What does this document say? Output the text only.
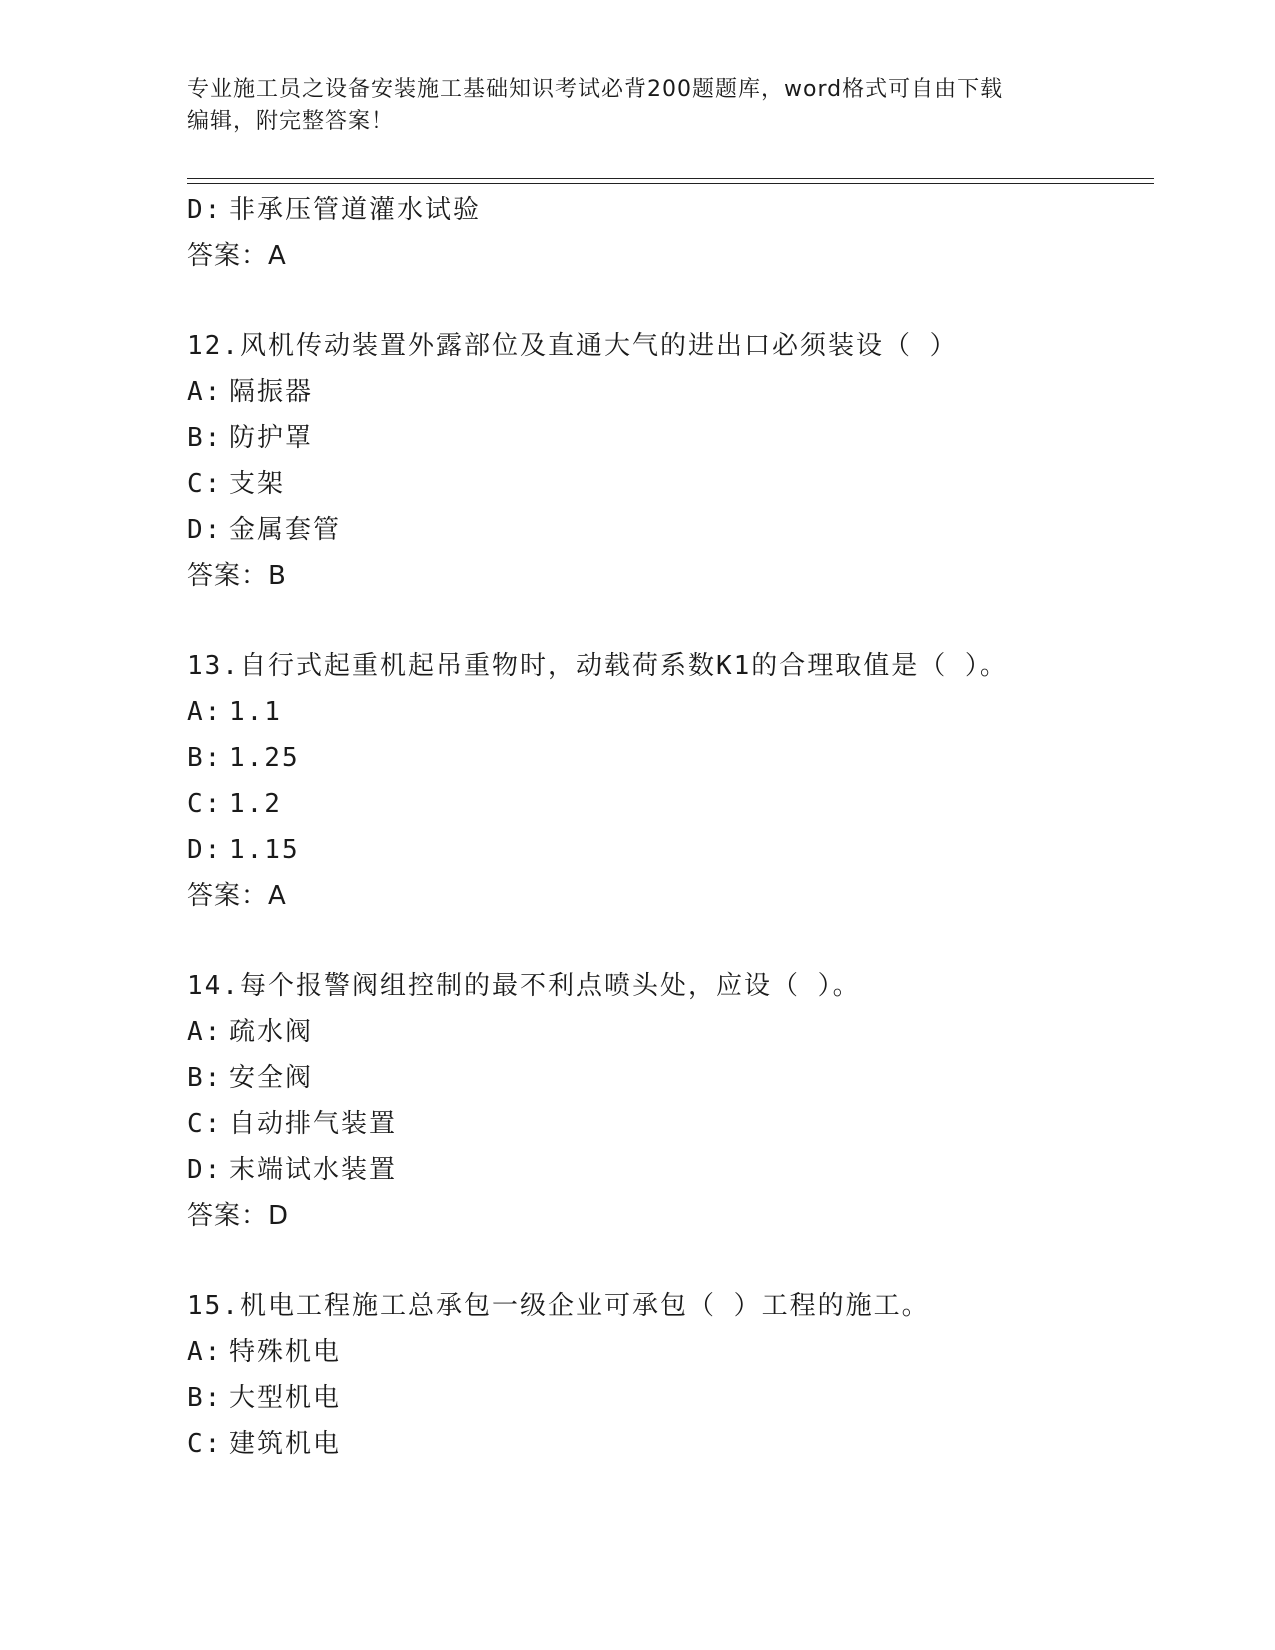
专业施工员之设备安装施工基础知识考试必背200题题库，word格式可自由下载
编辑，附完整答案！
D: 非承压管道灌水试验
答案：A
12.风机传动装置外露部位及直通大气的进出口必须装设（ ）
A: 隔振器
B: 防护罩
C: 支架
D: 金属套管
答案：B
13.自行式起重机起吊重物时，动载荷系数K1的合理取值是（ ）。
A: 1.1
B: 1.25
C: 1.2
D: 1.15
答案：A
14.每个报警阀组控制的最不利点喷头处，应设（ ）。
A: 疏水阀
B: 安全阀
C: 自动排气装置
D: 末端试水装置
答案：D
15.机电工程施工总承包一级企业可承包（ ）工程的施工。
A: 特殊机电
B: 大型机电
C: 建筑机电
